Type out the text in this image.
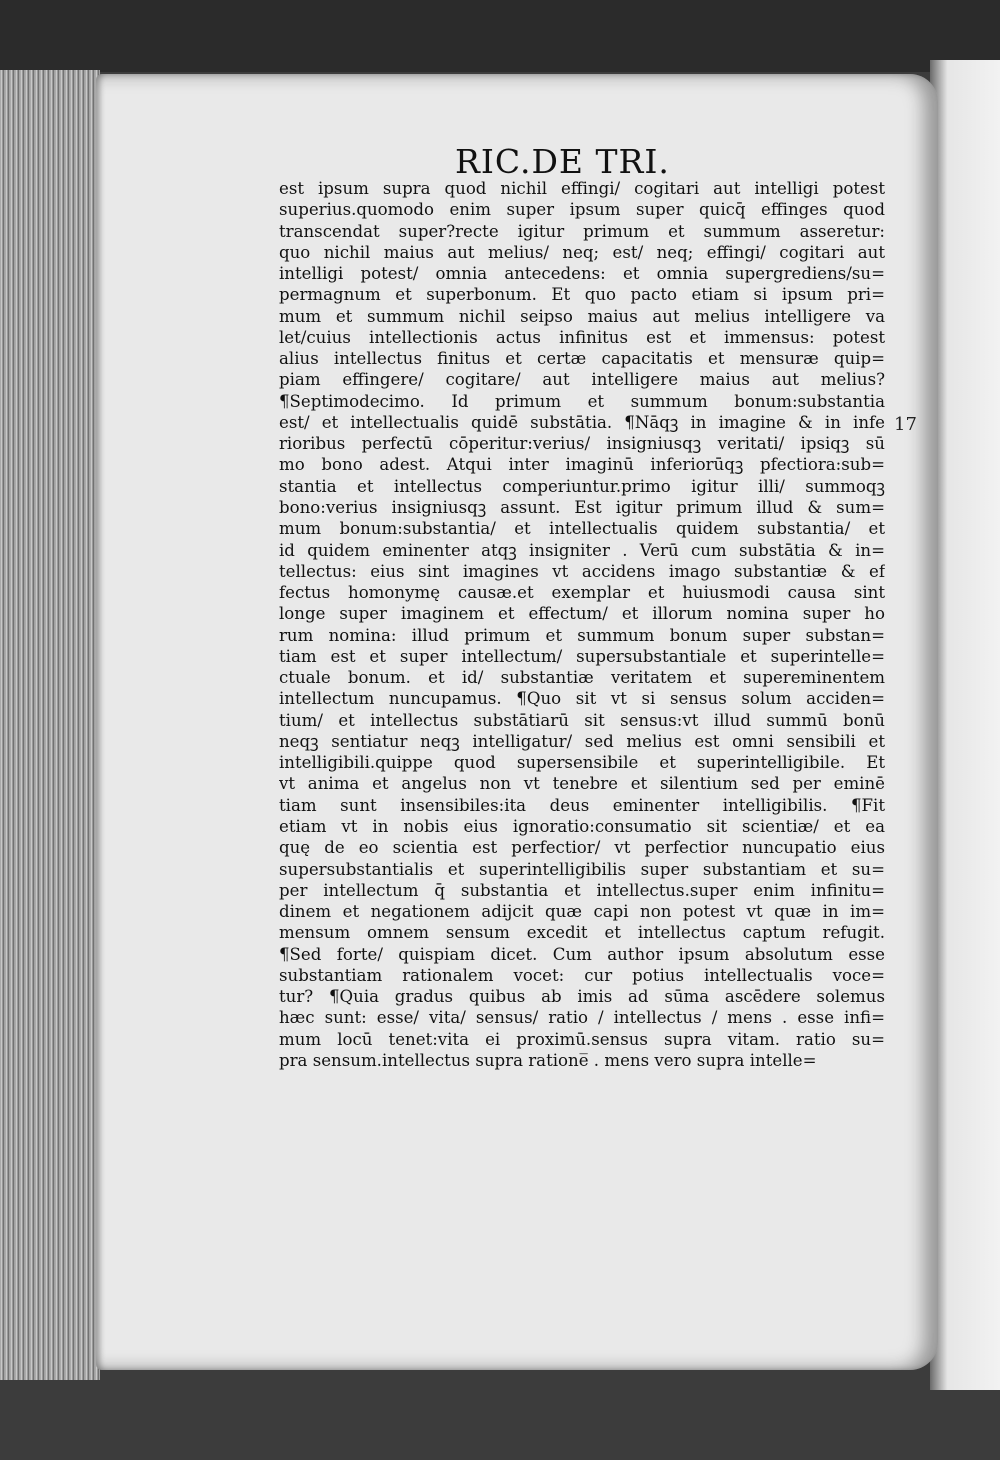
RIC.DE TRI.
17
est ipsum supra quod nichil effingi/ cogitari aut intelligi potest
superius.quomodo enim super ipsum super quicq̄ effinges quod
transcendat super?recte igitur primum et summum asseretur:
quo nichil maius aut melius/ neq; est/ neq; effingi/ cogitari aut
intelligi potest/ omnia antecedens: et omnia supergrediens/su=
permagnum et superbonum. Et quo pacto etiam si ipsum pri=
mum et summum nichil seipso maius aut melius intelligere va
let/cuius intellectionis actus infinitus est et immensus: potest
alius intellectus finitus et certæ capacitatis et mensuræ quip=
piam effingere/ cogitare/ aut intelligere maius aut melius?
¶Septimodecimo. Id primum et summum bonum:substantia
est/ et intellectualis quidē substātia. ¶Nāqꝫ in imagine & in infe
rioribus perfectū cōperitur:verius/ insigniusqꝫ veritati/ ipsiqꝫ sū
mo bono adest. Atqui inter imaginū inferiorūqꝫ pfectiora:sub=
stantia et intellectus comperiuntur.primo igitur illi/ summoqꝫ
bono:verius insigniusqꝫ assunt. Est igitur primum illud & sum=
mum bonum:substantia/ et intellectualis quidem substantia/ et
id quidem eminenter atqꝫ insigniter . Verū cum substātia & in=
tellectus: eius sint imagines vt accidens imago substantiæ & ef
fectus homonymę causæ.et exemplar et huiusmodi causa sint
longe super imaginem et effectum/ et illorum nomina super ho
rum nomina: illud primum et summum bonum super substan=
tiam est et super intellectum/ supersubstantiale et superintelle=
ctuale bonum. et id/ substantiæ veritatem et supereminentem
intellectum nuncupamus. ¶Quo sit vt si sensus solum acciden=
tium/ et intellectus substātiarū sit sensus:vt illud summū bonū
neqꝫ sentiatur neqꝫ intelligatur/ sed melius est omni sensibili et
intelligibili.quippe quod supersensibile et superintelligibile. Et
vt anima et angelus non vt tenebre et silentium sed per eminē
tiam sunt insensibiles:ita deus eminenter intelligibilis. ¶Fit
etiam vt in nobis eius ignoratio:consumatio sit scientiæ/ et ea
quę de eo scientia est perfectior/ vt perfectior nuncupatio eius
supersubstantialis et superintelligibilis super substantiam et su=
per intellectum q̄ substantia et intellectus.super enim infinitu=
dinem et negationem adijcit quæ capi non potest vt quæ in im=
mensum omnem sensum excedit et intellectus captum refugit.
¶Sed forte/ quispiam dicet. Cum author ipsum absolutum esse
substantiam rationalem vocet: cur potius intellectualis voce=
tur? ¶Quia gradus quibus ab imis ad sūma ascēdere solemus
hæc sunt: esse/ vita/ sensus/ ratio / intellectus / mens . esse infi=
mum locū tenet:vita ei proximū.sensus supra vitam. ratio su=
pra sensum.intellectus supra ratione̅ . mens vero supra intelle=
